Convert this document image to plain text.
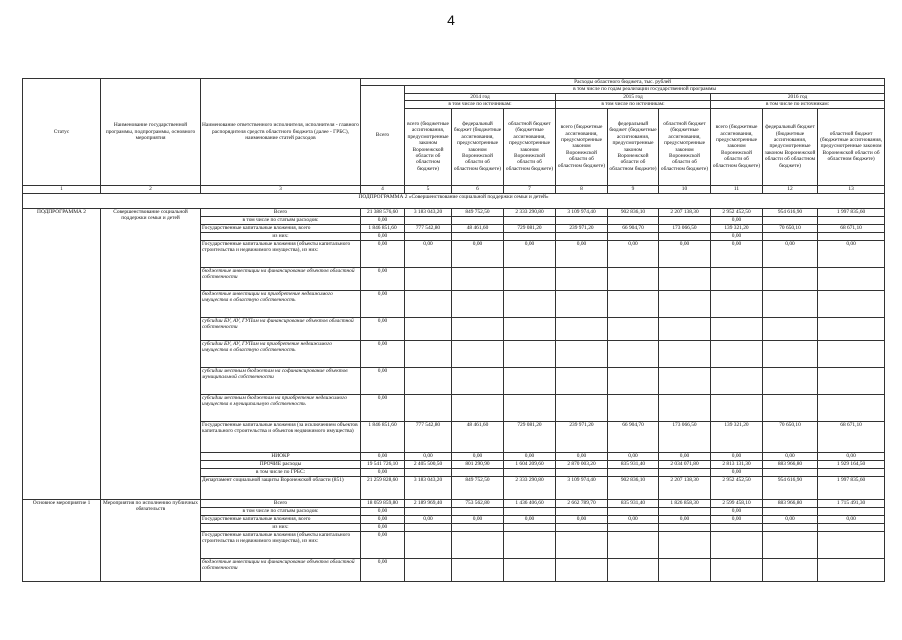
4
Статус	Наименование государственной программы, подпрограммы, основного мероприятия	Наименование ответственного исполнителя, исполнителя - главного распорядителя средств областного бюджета (далее - ГРБС), наименование статей расходов	Расходы областного бюджета, тыс. рублей									
			Всего	в том числе по годам реализации государственной программы								
				2014 год			2015 год			2016 год		
				в том числе по источникам:			в том числе по источникам:			в том числе по источникам:		
				всего (бюджетные ассигнования, предусмотренные законом Воронежской области об областном бюджете)	федеральный бюджет (бюджетные ассигнования, предусмотренные законом Воронежской области об областном бюджете)	областной бюджет (бюджетные ассигнования, предусмотренные законом Воронежской области об областном бюджете)	всего (бюджетные ассигнования, предусмотренные законом Воронежской области об областном бюджете)	федеральный бюджет (бюджетные ассигнования, предусмотренные законом Воронежской области об областном бюджете)	областной бюджет (бюджетные ассигнования, предусмотренные законом Воронежской области об областном бюджете)	всего (бюджетные ассигнования, предусмотренные законом Воронежской области об областном бюджете)	федеральный бюджет (бюджетные ассигнования, предусмотренные законом Воронежской области об областном бюджете)	областной бюджет (бюджетные ассигнования, предусмотренные законом Воронежской области об областном бюджете)
1	2	3	4	5	6	7	8	9	10	11	12	13
ПОДПРОГРАММА 2 «Совершенствование социальной поддержки семьи и детей»												
ПОДПРОГРАММА 2	Совершенствование социальной поддержки семьи и детей	Всего	21 388 576,60	3 183 043,20	849 752,50	2 333 290,80	3 109 974,40	902 836,10	2 207 138,30	2 952 452,50	954 616,90	1 997 835,60
		в том числе по статьям расходов:	0,00							0,00		
		Государственные капитальные вложения, всего	1 846 851,60	777 542,80	48 461,60	729 081,20	239 971,20	66 904,70	173 066,50	139 321,20	70 650,10	68 671,10
		из них:	0,00							0,00		
		Государственные капитальные вложения (объекты капитального строительства и недвижимого имущества), из них:	0,00	0,00	0,00	0,00	0,00	0,00	0,00	0,00	0,00	0,00
		бюджетные инвестиции на финансирование объектов областной собственности	0,00									
		бюджетные инвестиции на приобретение недвижимого имущества в областную собственность	0,00									
		субсидии БУ, АУ, ГУПам на финансирование объектов областной собственности	0,00									
		субсидии БУ, АУ, ГУПам на приобретение недвижимого имущества в областную собственность	0,00									
		субсидии местным бюджетам на софинансирование объектов муниципальной собственности	0,00									
		субсидии местным бюджетам на приобретение недвижимого имущества в муниципальную собственность	0,00									
		Государственные капитальные вложения (за исключением объектов капитального строительства и объектов недвижимого имущества)	1 846 851,60	777 542,80	48 461,60	729 081,20	239 971,20	66 904,70	173 066,50	139 321,20	70 650,10	68 671,10
		НИОКР	0,00	0,00	0,00	0,00	0,00	0,00	0,00	0,00	0,00	0,00
		ПРОЧИЕ расходы	19 541 726,10	2 405 500,50	801 290,90	1 604 209,60	2 870 003,20	835 931,40	2 034 071,80	2 813 131,30	883 966,80	1 929 164,50
		в том числе по ГРБС:	0,00							0,00		
		Департамент социальной защиты Воронежской области (851)	21 259 828,60	3 183 043,20	849 752,50	2 333 290,80	3 109 974,40	902 836,10	2 207 138,30	2 952 452,50	954 616,90	1 997 835,60
Основное мероприятие 1	Мероприятия по исполнению публичных обязательств	Всего	18 059 859,80	2 189 969,40	753 562,80	1 436 406,60	2 662 789,70	835 931,40	1 826 858,30	2 599 458,10	883 966,80	1 715 491,30
		в том числе по статьям расходов:	0,00							0,00		
		Государственные капитальные вложения, всего	0,00	0,00	0,00	0,00	0,00	0,00	0,00	0,00	0,00	0,00
		из них:	0,00									
		Государственные капитальные вложения (объекты капитального строительства и недвижимого имущества), из них:	0,00									
		бюджетные инвестиции на финансирование объектов областной собственности	0,00									
